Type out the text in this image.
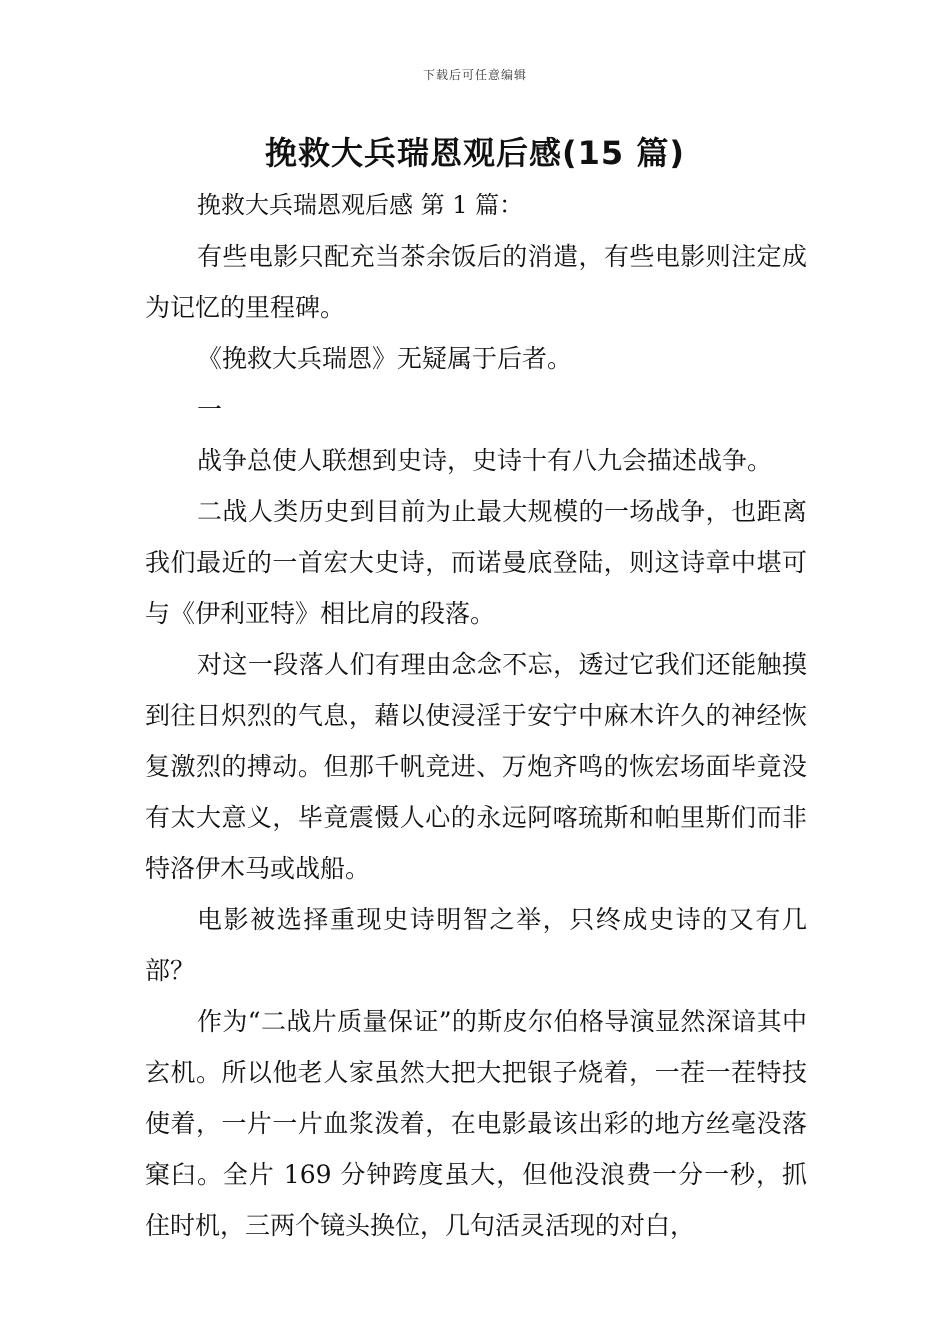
下载后可任意编辑
挽救大兵瑞恩观后感(15 篇)

挽救大兵瑞恩观后感 第 1 篇：

有些电影只配充当茶余饭后的消遣，有些电影则注定成为记忆的里程碑。

《挽救大兵瑞恩》无疑属于后者。

一

战争总使人联想到史诗，史诗十有八九会描述战争。

二战人类历史到目前为止最大规模的一场战争，也距离我们最近的一首宏大史诗，而诺曼底登陆，则这诗章中堪可与《伊利亚特》相比肩的段落。

对这一段落人们有理由念念不忘，透过它我们还能触摸到往日炽烈的气息，藉以使浸淫于安宁中麻木许久的神经恢复激烈的搏动。但那千帆竞进、万炮齐鸣的恢宏场面毕竟没有太大意义，毕竟震慑人心的永远阿喀琉斯和帕里斯们而非特洛伊木马或战船。

电影被选择重现史诗明智之举，只终成史诗的又有几部？

作为“二战片质量保证”的斯皮尔伯格导演显然深谙其中玄机。所以他老人家虽然大把大把银子烧着，一茬一茬特技使着，一片一片血浆泼着，在电影最该出彩的地方丝毫没落窠臼。全片 169 分钟跨度虽大，但他没浪费一分一秒，抓住时机，三两个镜头换位，几句活灵活现的对白，
